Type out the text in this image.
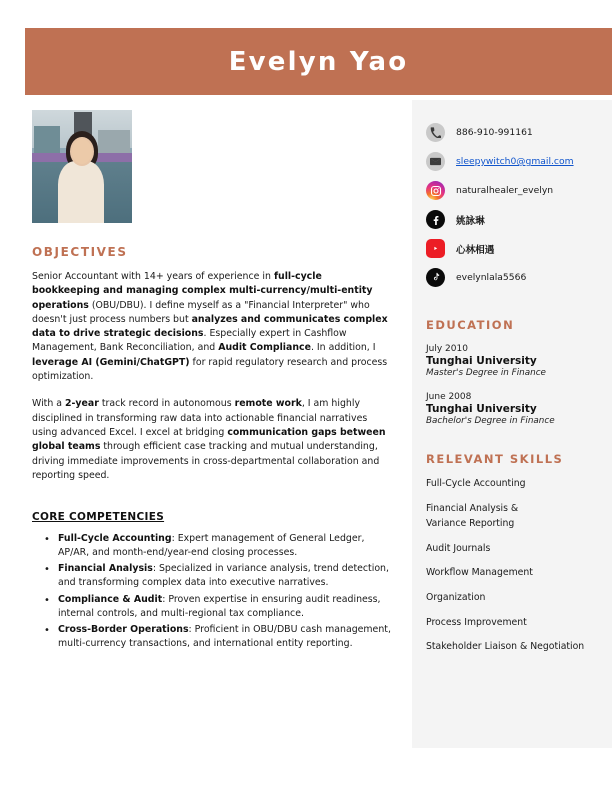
Evelyn Yao
886-910-991161
sleepywitch0@gmail.com
naturalhealer_evelyn
姚詠琳
心林相遇
evelynlala5566
EDUCATION
July 2010
Tunghai University
Master's Degree in Finance
June 2008
Tunghai University
Bachelor's Degree in Finance
RELEVANT SKILLS
Full-Cycle Accounting
Financial Analysis &
Variance Reporting
Audit Journals
Workflow Management
Organization
Process Improvement
Stakeholder Liaison & Negotiation
OBJECTIVES

Senior Accountant with 14+ years of experience in full-cycle bookkeeping and managing complex multi-currency/multi-entity operations (OBU/DBU). I define myself as a "Financial Interpreter" who doesn't just process numbers but analyzes and communicates complex data to drive strategic decisions. Especially expert in Cashflow Management, Bank Reconciliation, and Audit Compliance. In addition, I leverage AI (Gemini/ChatGPT) for rapid regulatory research and process optimization.

With a 2-year track record in autonomous remote work, I am highly disciplined in transforming raw data into actionable financial narratives using advanced Excel. I excel at bridging communication gaps between global teams through efficient case tracking and mutual understanding, driving immediate improvements in cross-departmental collaboration and reporting speed.

CORE COMPETENCIES
• Full-Cycle Accounting: Expert management of General Ledger, AP/AR, and month-end/year-end closing processes.
• Financial Analysis: Specialized in variance analysis, trend detection, and transforming complex data into executive narratives.
• Compliance & Audit: Proven expertise in ensuring audit readiness, internal controls, and multi-regional tax compliance.
• Cross-Border Operations: Proficient in OBU/DBU cash management, multi-currency transactions, and international entity reporting.
